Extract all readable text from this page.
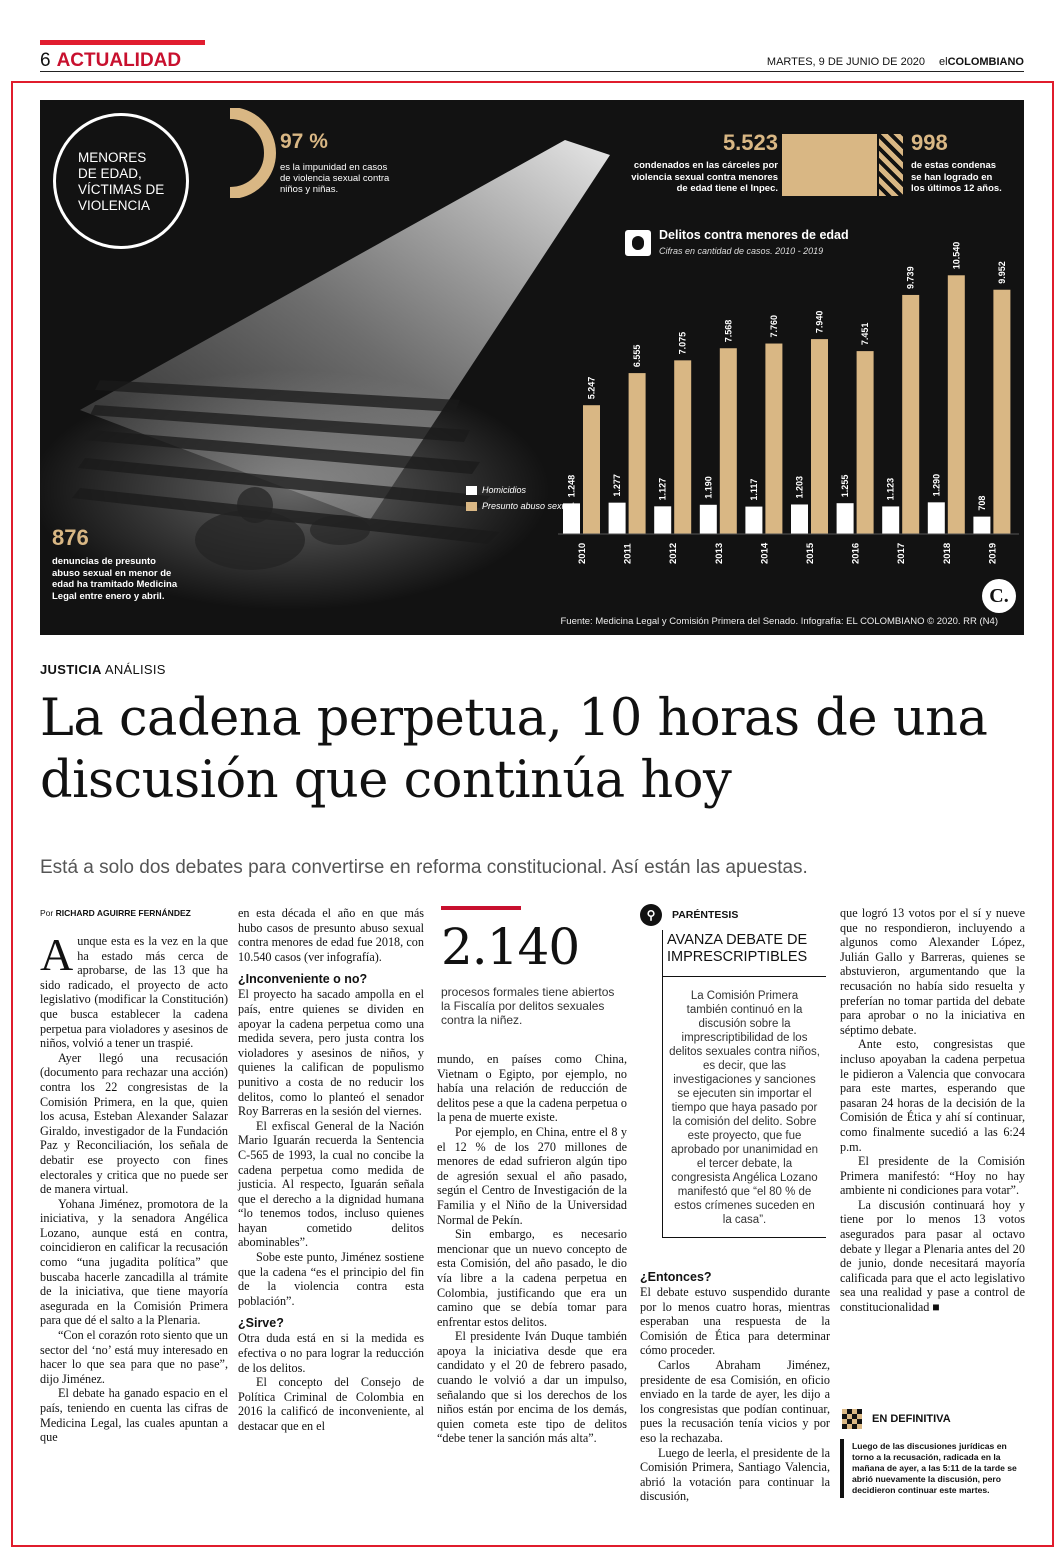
6 ACTUALIDAD	MARTES, 9 DE JUNIO DE 2020 elCOLOMBIANO
MENORES
DE EDAD,
VÍCTIMAS DE
VIOLENCIA
97 %
es la impunidad en casos
de violencia sexual contra
niños y niñas.
5.523
condenados en las cárceles por
violencia sexual contra menores
de edad tiene el Inpec.
998
de estas condenas
se han logrado en
los últimos 12 años.
Delitos contra menores de edad
Cifras en cantidad de casos. 2010 - 2019
1.248
5.247
2010
1.277
6.555
2011
1.127
7.075
2012
1.190
7.568
2013
1.117
7.760
2014
1.203
7.940
2015
1.255
7.451
2016
1.123
9.739
2017
1.290
10.540
2018
708
9.952
2019
Homicidios
Presunto abuso sexual
876
denuncias de presunto
abuso sexual en menor de
edad ha tramitado Medicina
Legal entre enero y abril.	C.
Fuente: Medicina Legal y Comisión Primera del Senado. Infografía: EL COLOMBIANO © 2020. RR (N4)
JUSTICIA ANÁLISIS
La cadena perpetua, 10 horas de una discusión que continúa hoy
Está a solo dos debates para convertirse en reforma constitucional. Así están las apuestas.
Por RICHARD AGUIRRE FERNÁNDEZ

Aunque esta es la vez en la que ha estado más cerca de aprobarse, de las 13 que ha sido radicado, el proyecto de acto legislativo (modificar la Constitución) que busca establecer la cadena perpetua para violadores y asesinos de niños, volvió a tener un traspié.

Ayer llegó una recusación (documento para rechazar una acción) contra los 22 congresistas de la Comisión Primera, en la que, quien los acusa, Esteban Alexander Salazar Giraldo, investigador de la Fundación Paz y Reconciliación, los señala de debatir ese proyecto con fines electorales y critica que no puede ser de manera virtual.

Yohana Jiménez, promotora de la iniciativa, y la senadora Angélica Lozano, aunque está en contra, coincidieron en calificar la recusación como “una jugadita política” que buscaba hacerle zancadilla al trámite de la iniciativa, que tiene mayoría asegurada en la Comisión Primera para que dé el salto a la Plenaria.

“Con el corazón roto siento que un sector del ‘no’ está muy interesado en hacer lo que sea para que no pase”, dijo Jiménez.

El debate ha ganado espacio en el país, teniendo en cuenta las cifras de Medicina Legal, las cuales apuntan a que

en esta década el año en que más hubo casos de presunto abuso sexual contra menores de edad fue 2018, con 10.540 casos (ver infografía).

¿Inconveniente o no?

El proyecto ha sacado ampolla en el país, entre quienes se dividen en apoyar la cadena perpetua como una medida severa, pero justa contra los violadores y asesinos de niños, y quienes la califican de populismo punitivo a costa de no reducir los delitos, como lo planteó el senador Roy Barreras en la sesión del viernes.

El exfiscal General de la Nación Mario Iguarán recuerda la Sentencia C-565 de 1993, la cual no concibe la cadena perpetua como medida de justicia. Al respecto, Iguarán señala que el derecho a la dignidad humana “lo tenemos todos, incluso quienes hayan cometido delitos abominables”.

Sobe este punto, Jiménez sostiene que la cadena “es el principio del fin de la violencia contra esta población”.

¿Sirve?

Otra duda está en si la medida es efectiva o no para lograr la reducción de los delitos.

El concepto del Consejo de Política Criminal de Colombia en 2016 la calificó de inconveniente, al destacar que en el

2.140
procesos formales tiene abiertos la Fiscalía por delitos sexuales contra la niñez.

mundo, en países como China, Vietnam o Egipto, por ejemplo, no había una relación de reducción de delitos pese a que la cadena perpetua o la pena de muerte existe.

Por ejemplo, en China, entre el 8 y el 12 % de los 270 millones de menores de edad sufrieron algún tipo de agresión sexual el año pasado, según el Centro de Investigación de la Familia y el Niño de la Universidad Normal de Pekín.

Sin embargo, es necesario mencionar que un nuevo concepto de esta Comisión, del año pasado, le dio vía libre a la cadena perpetua en Colombia, justificando que era un camino que se debía tomar para enfrentar estos delitos.

El presidente Iván Duque también apoya la iniciativa desde que era candidato y el 20 de febrero pasado, cuando le volvió a dar un impulso, señalando que si los derechos de los niños están por encima de los demás, quien cometa este tipo de delitos “debe tener la sanción más alta”.

⚲	PARÉNTESIS
AVANZA DEBATE DE IMPRESCRIPTIBLES
La Comisión Primera también continuó en la discusión sobre la imprescriptibilidad de los delitos sexuales contra niños, es decir, que las investigaciones y sanciones se ejecuten sin importar el tiempo que haya pasado por la comisión del delito. Sobre este proyecto, que fue aprobado por unanimidad en el tercer debate, la congresista Angélica Lozano manifestó que “el 80 % de estos crímenes suceden en la casa”.
¿Entonces?

El debate estuvo suspendido durante por lo menos cuatro horas, mientras esperaban una respuesta de la Comisión de Ética para determinar cómo proceder.

Carlos Abraham Jiménez, presidente de esa Comisión, en oficio enviado en la tarde de ayer, les dijo a los congresistas que podían continuar, pues la recusación tenía vicios y por eso la rechazaba.

Luego de leerla, el presidente de la Comisión Primera, Santiago Valencia, abrió la votación para continuar la discusión,

que logró 13 votos por el sí y nueve que no respondieron, incluyendo a algunos como Alexander López, Julián Gallo y Barreras, quienes se abstuvieron, argumentando que la recusación no había sido resuelta y preferían no tomar partida del debate para aprobar o no la iniciativa en séptimo debate.

Ante esto, congresistas que incluso apoyaban la cadena perpetua le pidieron a Valencia que convocara para este martes, esperando que pasaran 24 horas de la decisión de la Comisión de Ética y ahí sí continuar, como finalmente sucedió a las 6:24 p.m.

El presidente de la Comisión Primera manifestó: “Hoy no hay ambiente ni condiciones para votar”.

La discusión continuará hoy y tiene por lo menos 13 votos asegurados para pasar al octavo debate y llegar a Plenaria antes del 20 de junio, donde necesitará mayoría calificada para que el acto legislativo sea una realidad y pase a control de constitucionalidad ■

EN DEFINITIVA
Luego de las discusiones jurídicas en torno a la recusación, radicada en la mañana de ayer, a las 5:11 de la tarde se abrió nuevamente la discusión, pero decidieron continuar este martes.
